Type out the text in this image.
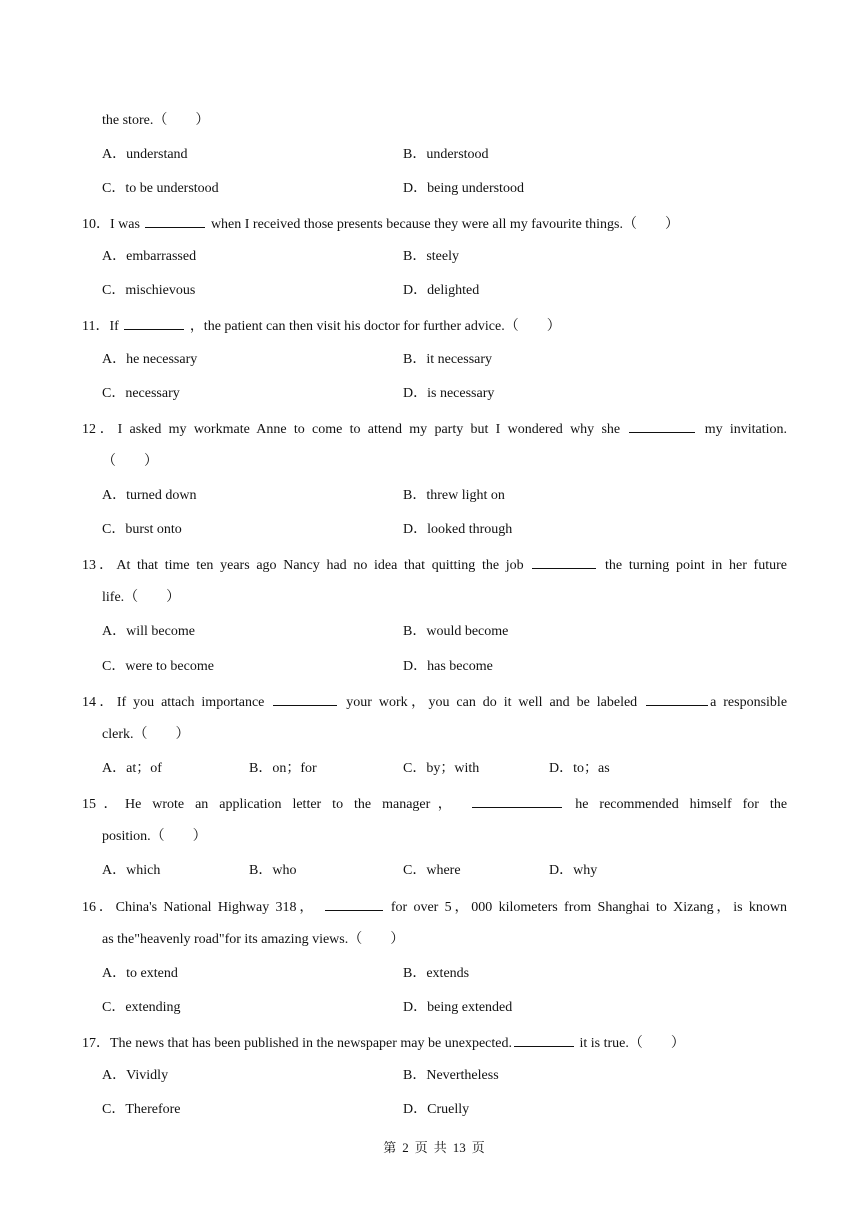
the store.（　　）
A．understand	B．understood
C．to be understood	D．being understood
10．I was	when I received those presents because they were all my favourite things.（　　）
A．embarrassed	B．steely
C．mischievous	D．delighted
11．If	，the patient can then visit his doctor for further advice.（　　）
A．he necessary	B．it necessary
C．necessary	D．is necessary
12．I asked my workmate Anne to come to attend my party but I wondered why she	my invitation.
（　　）
A．turned down	B．threw light on
C．burst onto	D．looked through
13．At that time ten years ago Nancy had no idea that quitting the job	the turning point in her future
life.（　　）
A．will become	B．would become
C．were to become	D．has become
14．If you attach importance	your work，you can do it well and be labeled	a responsible
clerk.（　　）
A．at；of	B．on；for	C．by；with	D．to；as
15．He wrote an application letter to the manager，	he recommended himself for the
position.（　　）
A．which	B．who	C．where	D．why
16．China's National Highway 318，	for over 5，000 kilometers from Shanghai to Xizang，is known
as the"heavenly road"for its amazing views.（　　）
A．to extend	B．extends
C．extending	D．being extended
17．The news that has been published in the newspaper may be unexpected.	it is true.（　　）
A．Vividly	B．Nevertheless
C．Therefore	D．Cruelly
第 2 页 共 13 页
